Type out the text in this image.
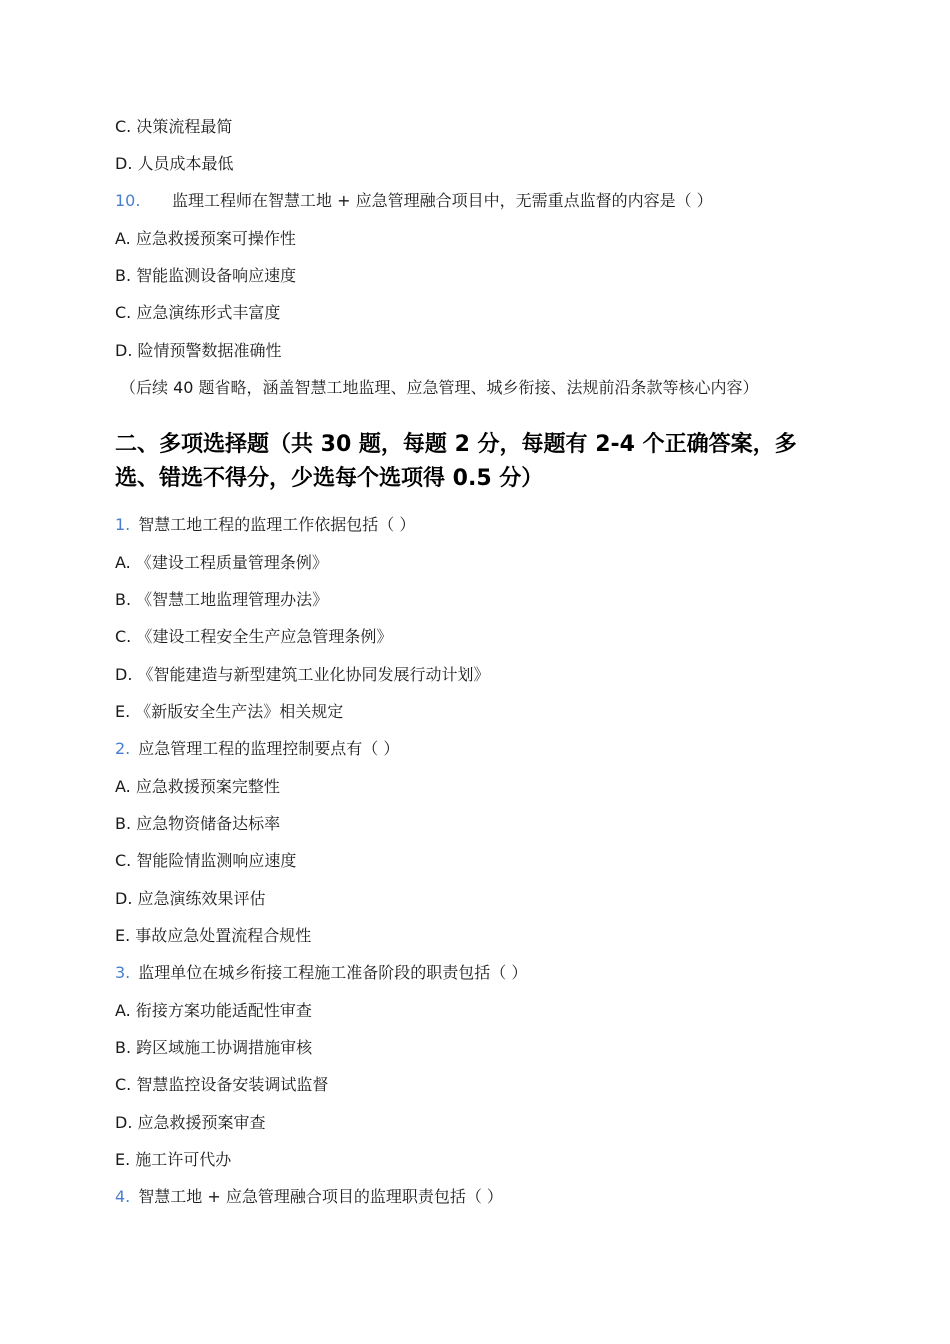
C. 决策流程最简
D. 人员成本最低
10. 监理工程师在智慧工地 + 应急管理融合项目中，无需重点监督的内容是（ ）
A. 应急救援预案可操作性
B. 智能监测设备响应速度
C. 应急演练形式丰富度
D. 险情预警数据准确性
（后续 40 题省略，涵盖智慧工地监理、应急管理、城乡衔接、法规前沿条款等核心内容）
二、多项选择题（共 30 题，每题 2 分，每题有 2-4 个正确答案，多
选、错选不得分，少选每个选项得 0.5 分）
1. 智慧工地工程的监理工作依据包括（ ）
A. 《建设工程质量管理条例》
B. 《智慧工地监理管理办法》
C. 《建设工程安全生产应急管理条例》
D. 《智能建造与新型建筑工业化协同发展行动计划》
E. 《新版安全生产法》相关规定
2. 应急管理工程的监理控制要点有（ ）
A. 应急救援预案完整性
B. 应急物资储备达标率
C. 智能险情监测响应速度
D. 应急演练效果评估
E. 事故应急处置流程合规性
3. 监理单位在城乡衔接工程施工准备阶段的职责包括（ ）
A. 衔接方案功能适配性审查
B. 跨区域施工协调措施审核
C. 智慧监控设备安装调试监督
D. 应急救援预案审查
E. 施工许可代办
4. 智慧工地 + 应急管理融合项目的监理职责包括（ ）
